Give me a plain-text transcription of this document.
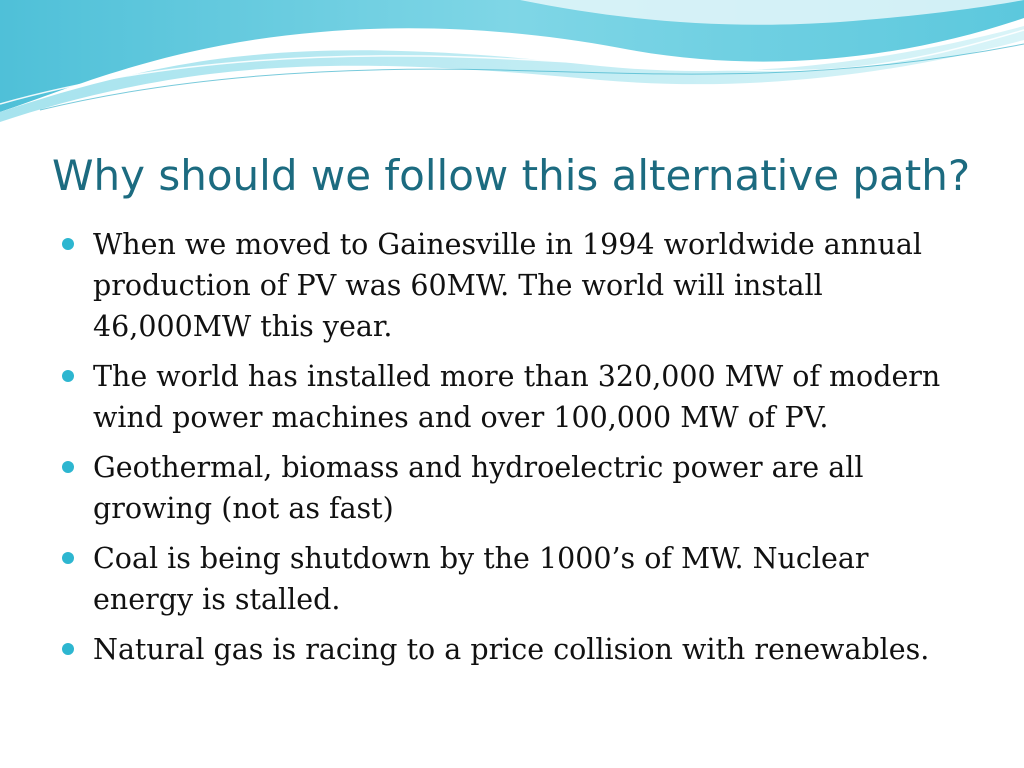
Why should we follow this alternative path?
When we moved to Gainesville in 1994 worldwide annual production of PV was 60MW. The world will install 46,000MW this year.
The world has installed more than 320,000 MW of modern wind power machines and over 100,000 MW of PV.
Geothermal, biomass and hydroelectric power are all growing (not as fast)
Coal is being shutdown by the 1000’s of MW. Nuclear energy is stalled.
Natural gas is racing to a price collision with renewables.
